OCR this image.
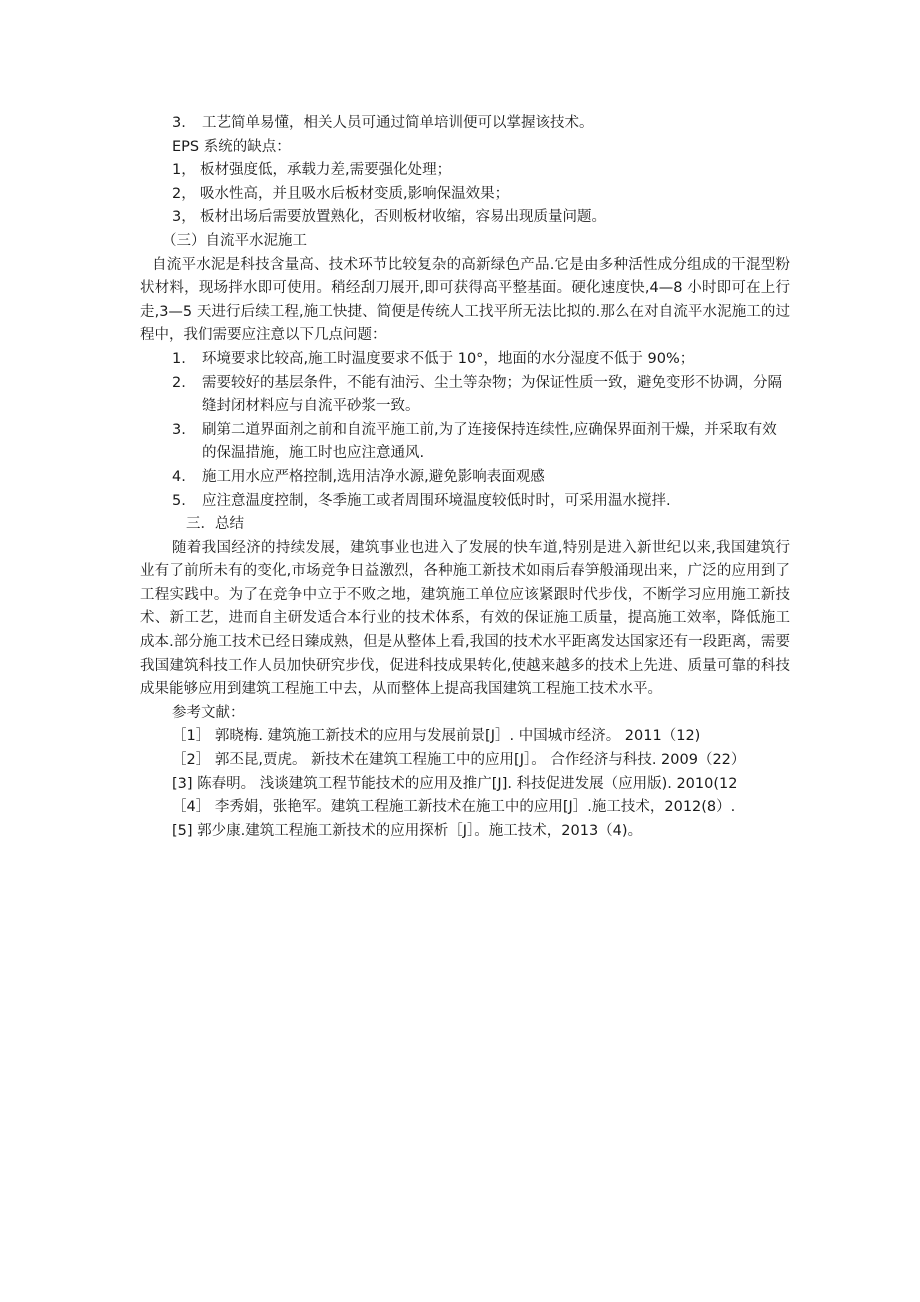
3.	工艺简单易懂，相关人员可通过简单培训便可以掌握该技术。

EPS 系统的缺点：

1， 板材强度低，承载力差,需要强化处理；
2， 吸水性高，并且吸水后板材变质,影响保温效果；
3， 板材出场后需要放置熟化，否则板材收缩，容易出现质量问题。

（三）自流平水泥施工

自流平水泥是科技含量高、技术环节比较复杂的高新绿色产品.它是由多种活性成分组成的干混型粉状材料，现场拌水即可使用。稍经刮刀展开,即可获得高平整基面。硬化速度快,4—8 小时即可在上行走,3—5 天进行后续工程,施工快捷、简便是传统人工找平所无法比拟的.那么在对自流平水泥施工的过程中，我们需要应注意以下几点问题：

1.	环境要求比较高,施工时温度要求不低于 10°，地面的水分湿度不低于 90%；
2.	需要较好的基层条件，不能有油污、尘土等杂物；为保证性质一致，避免变形不协调，分隔缝封闭材料应与自流平砂浆一致。
3.	刷第二道界面剂之前和自流平施工前,为了连接保持连续性,应确保界面剂干燥，并采取有效的保温措施，施工时也应注意通风.
4.	施工用水应严格控制,选用洁净水源,避免影响表面观感
5.	应注意温度控制，冬季施工或者周围环境温度较低时时，可采用温水搅拌.

三．总结

随着我国经济的持续发展，建筑事业也进入了发展的快车道,特别是进入新世纪以来,我国建筑行业有了前所未有的变化,市场竞争日益激烈，各种施工新技术如雨后春笋般涌现出来，广泛的应用到了工程实践中。为了在竞争中立于不败之地，建筑施工单位应该紧跟时代步伐，不断学习应用施工新技术、新工艺，进而自主研发适合本行业的技术体系，有效的保证施工质量，提高施工效率，降低施工成本.部分施工技术已经日臻成熟，但是从整体上看,我国的技术水平距离发达国家还有一段距离，需要我国建筑科技工作人员加快研究步伐，促进科技成果转化,使越来越多的技术上先进、质量可靠的科技成果能够应用到建筑工程施工中去，从而整体上提高我国建筑工程施工技术水平。

参考文献：

［1］ 郭晓梅. 建筑施工新技术的应用与发展前景[J］. 中国城市经济。 2011（12)

［2］ 郭丕昆,贾虎。 新技术在建筑工程施工中的应用[J］。 合作经济与科技. 2009（22）

[3] 陈春明。 浅谈建筑工程节能技术的应用及推广[J]. 科技促进发展（应用版). 2010(12

［4］ 李秀娟，张艳军。建筑工程施工新技术在施工中的应用[J］.施工技术，2012(8）.

[5] 郭少康.建筑工程施工新技术的应用探析［J］。施工技术，2013（4)。
